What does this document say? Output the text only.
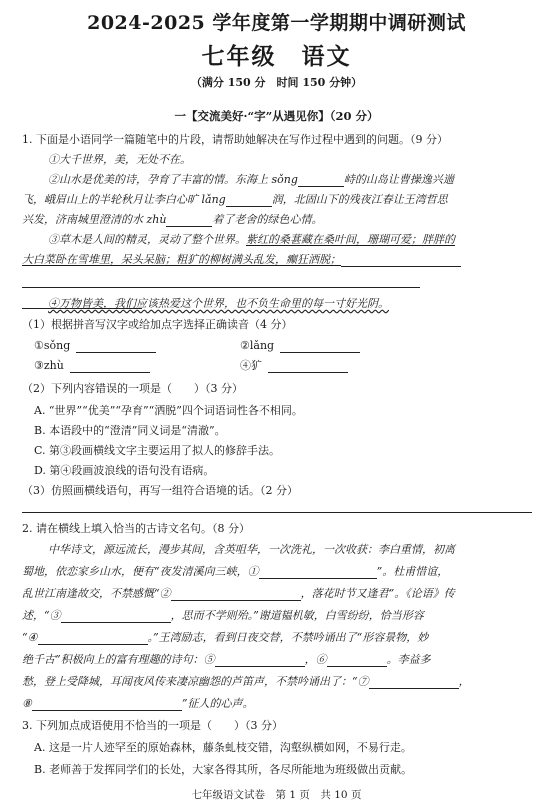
2024-2025 学年度第一学期期中调研测试
七年级　语文
（满分 150 分　时间 150 分钟）
一【交流美好·“字”从遇见你】（20 分）
1. 下面是小语同学一篇随笔中的片段，请帮助她解决在写作过程中遇到的问题。（9 分）
①大千世界，美，无处不在。
②山水是优美的诗，孕育了丰富的情。东海上 sǒng	峙的山岛让曹操逸兴遄
飞，峨眉山上的半轮秋月让李白心旷 lǎng	润，北固山下的残夜江春让王湾哲思
兴发，济南城里澄清的水 zhù	着了老舍的绿色心情。
③草木是人间的精灵，灵动了整个世界。紫红的桑葚藏在桑叶间，珊瑚可爱；胖胖的
大白菜卧在雪堆里，呆头呆脑；粗犷的柳树满头乱发，癫狂洒脱；
④万物皆美，我们应该热爱这个世界，也不负生命里的每一寸好光阴。
（1）根据拼音写汉字或给加点字选择正确读音（4 分）
①sǒng	②lǎng
③zhù	④犷
（2）下列内容错误的一项是（　　）（3 分）
A. “世界”“优美”“孕育”“洒脱”四个词语词性各不相同。
B. 本语段中的“澄清”同义词是“清澈”。
C. 第③段画横线文字主要运用了拟人的修辞手法。
D. 第④段画波浪线的语句没有语病。
（3）仿照画横线语句，再写一组符合语境的话。（2 分）
2. 请在横线上填入恰当的古诗文名句。（8 分）
中华诗文，源远流长，漫步其间，含英咀华，一次洗礼，一次收获：李白重情，初离
蜀地，依恋家乡山水，便有“夜发清溪向三峡，①	”。杜甫惜谊，
乱世江南逢故交，不禁感慨“②	，落花时节又逢君”。《论语》传
述，“③	，思而不学则殆。”谢道韫机敏，白雪纷纷，恰当形容
“④	。”王湾励志，看到日夜交替，不禁吟诵出了“形容景物，妙
绝千古”积极向上的富有理趣的诗句：⑤	，⑥	。李益多
愁，登上受降城，耳闻夜风传来凄凉幽怨的芦笛声，不禁吟诵出了：“⑦	，
⑧	”征人的心声。
3. 下列加点成语使用不恰当的一项是（　　）（3 分）
A. 这是一片人迹罕至的原始森林，藤条虬枝交错，沟壑纵横如网，不易行走。
B. 老师善于发挥同学们的长处，大家各得其所，各尽所能地为班级做出贡献。
七年级语文试卷　第 1 页　共 10 页
